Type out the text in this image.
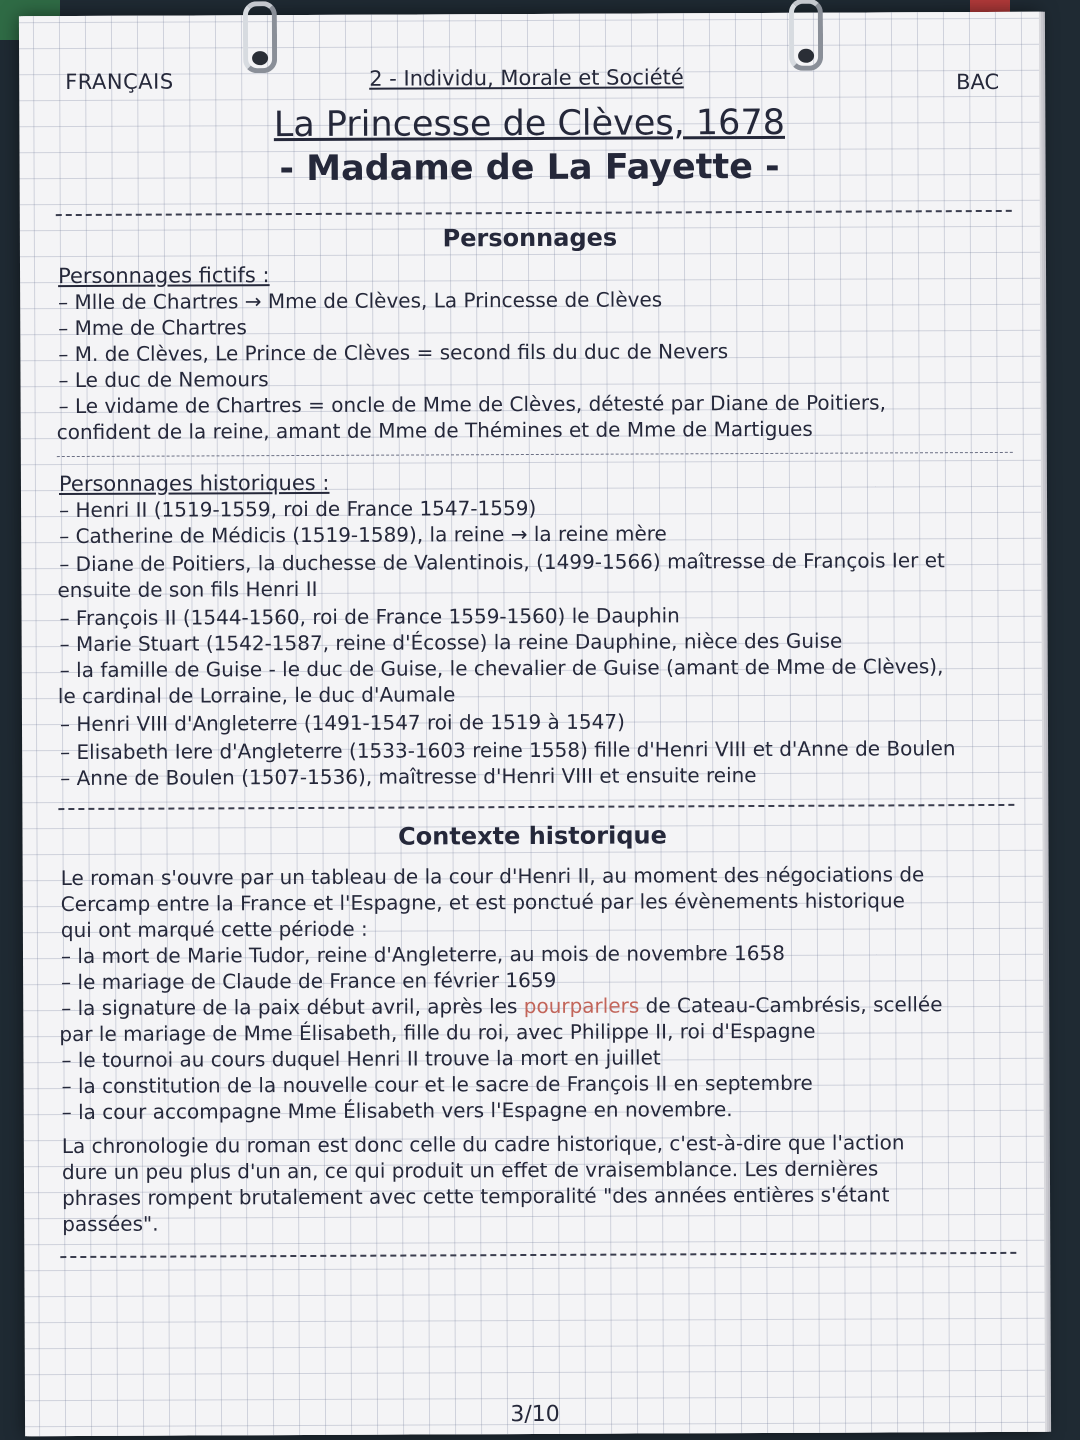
FRANÇAIS	2 - Individu, Morale et Société	BAC
La Princesse de Clèves, 1678
- Madame de La Fayette -
Personnages
Personnages fictifs :
– Mlle de Chartres → Mme de Clèves, La Princesse de Clèves
– Mme de Chartres
– M. de Clèves, Le Prince de Clèves = second fils du duc de Nevers
– Le duc de Nemours
– Le vidame de Chartres = oncle de Mme de Clèves, détesté par Diane de Poitiers,
confident de la reine, amant de Mme de Thémines et de Mme de Martigues
Personnages historiques :
– Henri II (1519-1559, roi de France 1547-1559)
– Catherine de Médicis (1519-1589), la reine → la reine mère
– Diane de Poitiers, la duchesse de Valentinois, (1499-1566) maîtresse de François Ier et
ensuite de son fils Henri II
– François II (1544-1560, roi de France 1559-1560) le Dauphin
– Marie Stuart (1542-1587, reine d'Écosse) la reine Dauphine, nièce des Guise
– la famille de Guise - le duc de Guise, le chevalier de Guise (amant de Mme de Clèves),
le cardinal de Lorraine, le duc d'Aumale
– Henri VIII d'Angleterre (1491-1547 roi de 1519 à 1547)
– Elisabeth Iere d'Angleterre (1533-1603 reine 1558) fille d'Henri VIII et d'Anne de Boulen
– Anne de Boulen (1507-1536), maîtresse d'Henri VIII et ensuite reine
Contexte historique
Le roman s'ouvre par un tableau de la cour d'Henri II, au moment des négociations de
Cercamp entre la France et l'Espagne, et est ponctué par les évènements historique
qui ont marqué cette période :
– la mort de Marie Tudor, reine d'Angleterre, au mois de novembre 1658
– le mariage de Claude de France en février 1659
– la signature de la paix début avril, après les pourparlers de Cateau-Cambrésis, scellée
par le mariage de Mme Élisabeth, fille du roi, avec Philippe II, roi d'Espagne
– le tournoi au cours duquel Henri II trouve la mort en juillet
– la constitution de la nouvelle cour et le sacre de François II en septembre
– la cour accompagne Mme Élisabeth vers l'Espagne en novembre.
La chronologie du roman est donc celle du cadre historique, c'est-à-dire que l'action
dure un peu plus d'un an, ce qui produit un effet de vraisemblance. Les dernières
phrases rompent brutalement avec cette temporalité "des années entières s'étant
passées".
3/10
